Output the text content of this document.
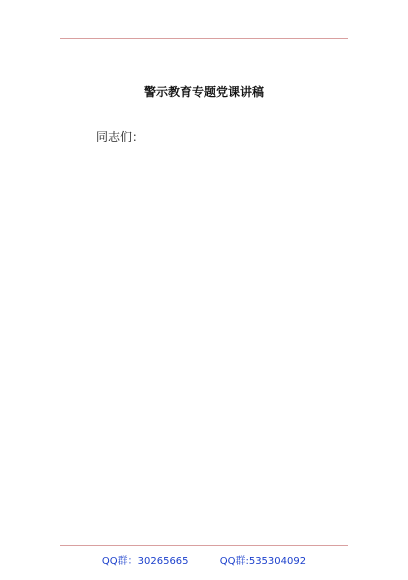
警示教育专题党课讲稿
同志们：
QQ群：30265665	QQ群:535304092
